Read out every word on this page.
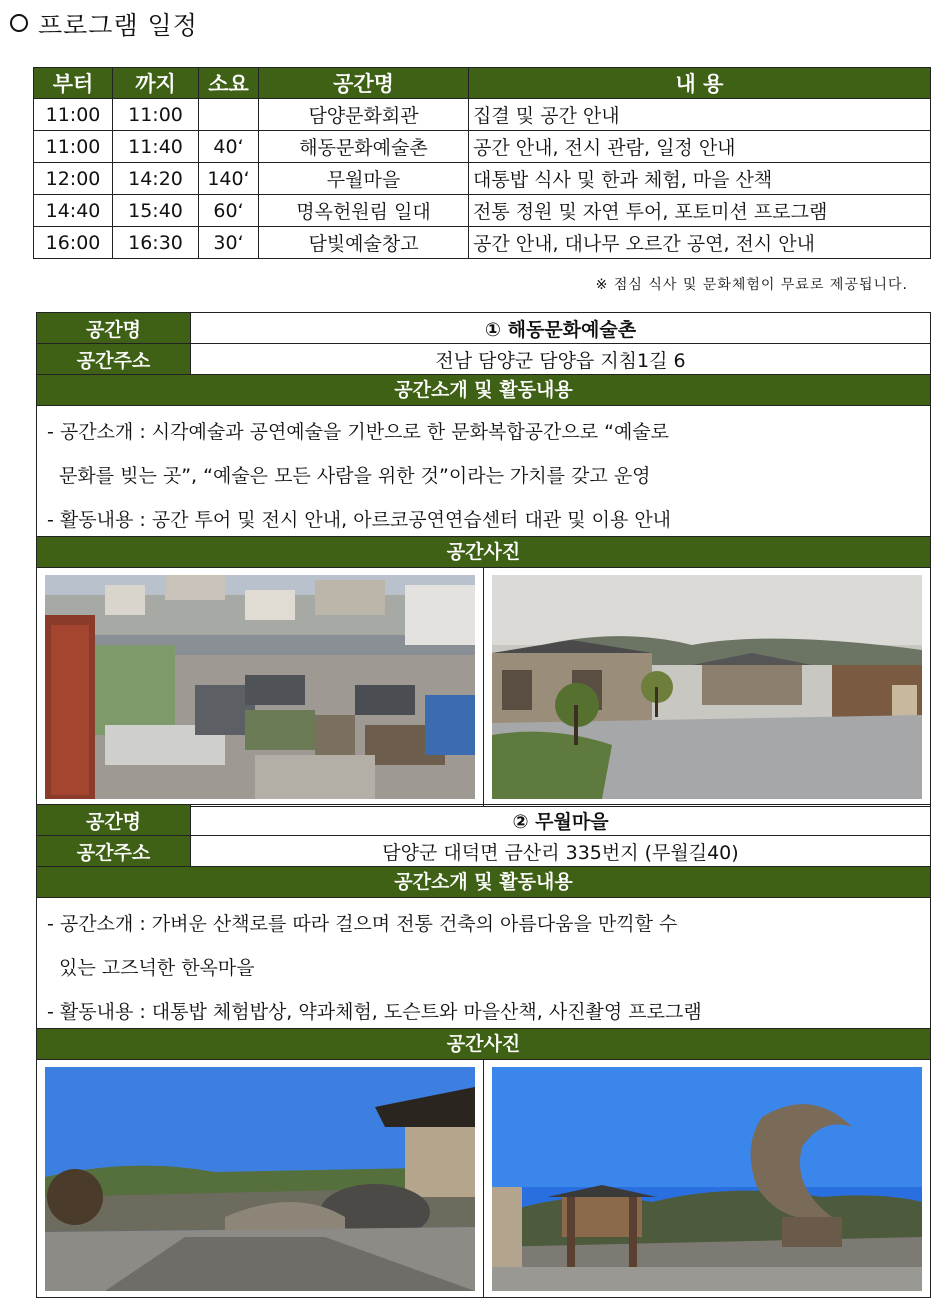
프로그램 일정
부터	까지	소요	공간명	내 용
11:00	11:00		담양문화회관	집결 및 공간 안내
11:00	11:40	40‘	해동문화예술촌	공간 안내, 전시 관람, 일정 안내
12:00	14:20	140‘	무월마을	대통밥 식사 및 한과 체험, 마을 산책
14:40	15:40	60‘	명옥헌원림 일대	전통 정원 및 자연 투어, 포토미션 프로그램
16:00	16:30	30‘	담빛예술창고	공간 안내, 대나무 오르간 공연, 전시 안내
※ 점심 식사 및 문화체험이 무료로 제공됩니다.
공간명	① 해동문화예술촌
공간주소	전남 담양군 담양읍 지침1길 6
공간소개 및 활동내용

- 공간소개 : 시각예술과 공연예술을 기반으로 한 문화복합공간으로 “예술로

문화를 빚는 곳”, “예술은 모든 사람을 위한 것”이라는 가치를 갖고 운영

- 활동내용 : 공간 투어 및 전시 안내, 아르코공연연습센터 대관 및 이용 안내

공간사진
공간명	② 무월마을
공간주소	담양군 대덕면 금산리 335번지 (무월길40)
공간소개 및 활동내용

- 공간소개 : 가벼운 산책로를 따라 걸으며 전통 건축의 아름다움을 만끽할 수

있는 고즈넉한 한옥마을

- 활동내용 : 대통밥 체험밥상, 약과체험, 도슨트와 마을산책, 사진촬영 프로그램

공간사진
